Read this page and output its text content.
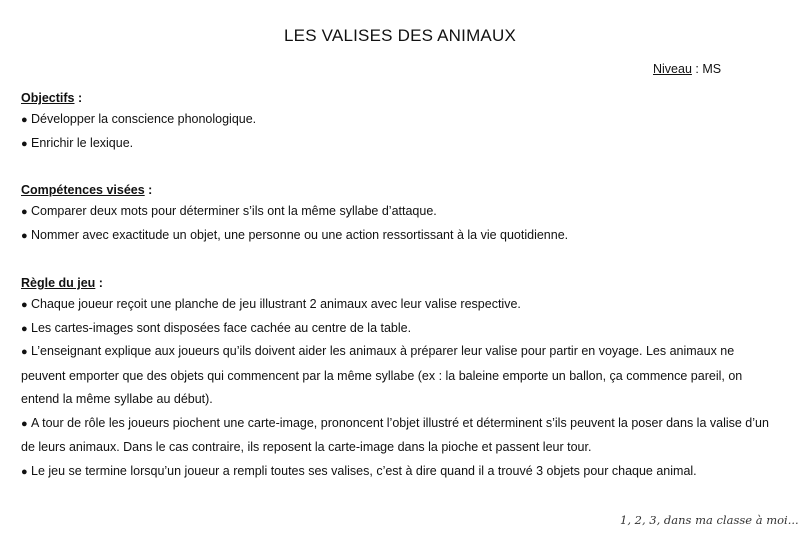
LES VALISES DES ANIMAUX
Niveau : MS

Objectifs :

● Développer la conscience phonologique.

● Enrichir le lexique.

Compétences visées :

● Comparer deux mots pour déterminer s’ils ont la même syllabe d’attaque.

● Nommer avec exactitude un objet, une personne ou une action ressortissant à la vie quotidienne.

Règle du jeu :

● Chaque joueur reçoit une planche de jeu illustrant 2 animaux avec leur valise respective.

● Les cartes-images sont disposées face cachée au centre de la table.

● L’enseignant explique aux joueurs qu’ils doivent aider les animaux à préparer leur valise pour partir en voyage. Les animaux ne peuvent emporter que des objets qui commencent par la même syllabe (ex : la baleine emporte un ballon, ça commence pareil, on entend la même syllabe au début).

● A tour de rôle les joueurs piochent une carte-image, prononcent l’objet illustré et déterminent s’ils peuvent la poser dans la valise d’un de leurs animaux. Dans le cas contraire, ils reposent la carte-image dans la pioche et passent leur tour.

● Le jeu se termine lorsqu’un joueur a rempli toutes ses valises, c’est à dire quand il a trouvé 3 objets pour chaque animal.

1, 2, 3, dans ma classe à moi...
